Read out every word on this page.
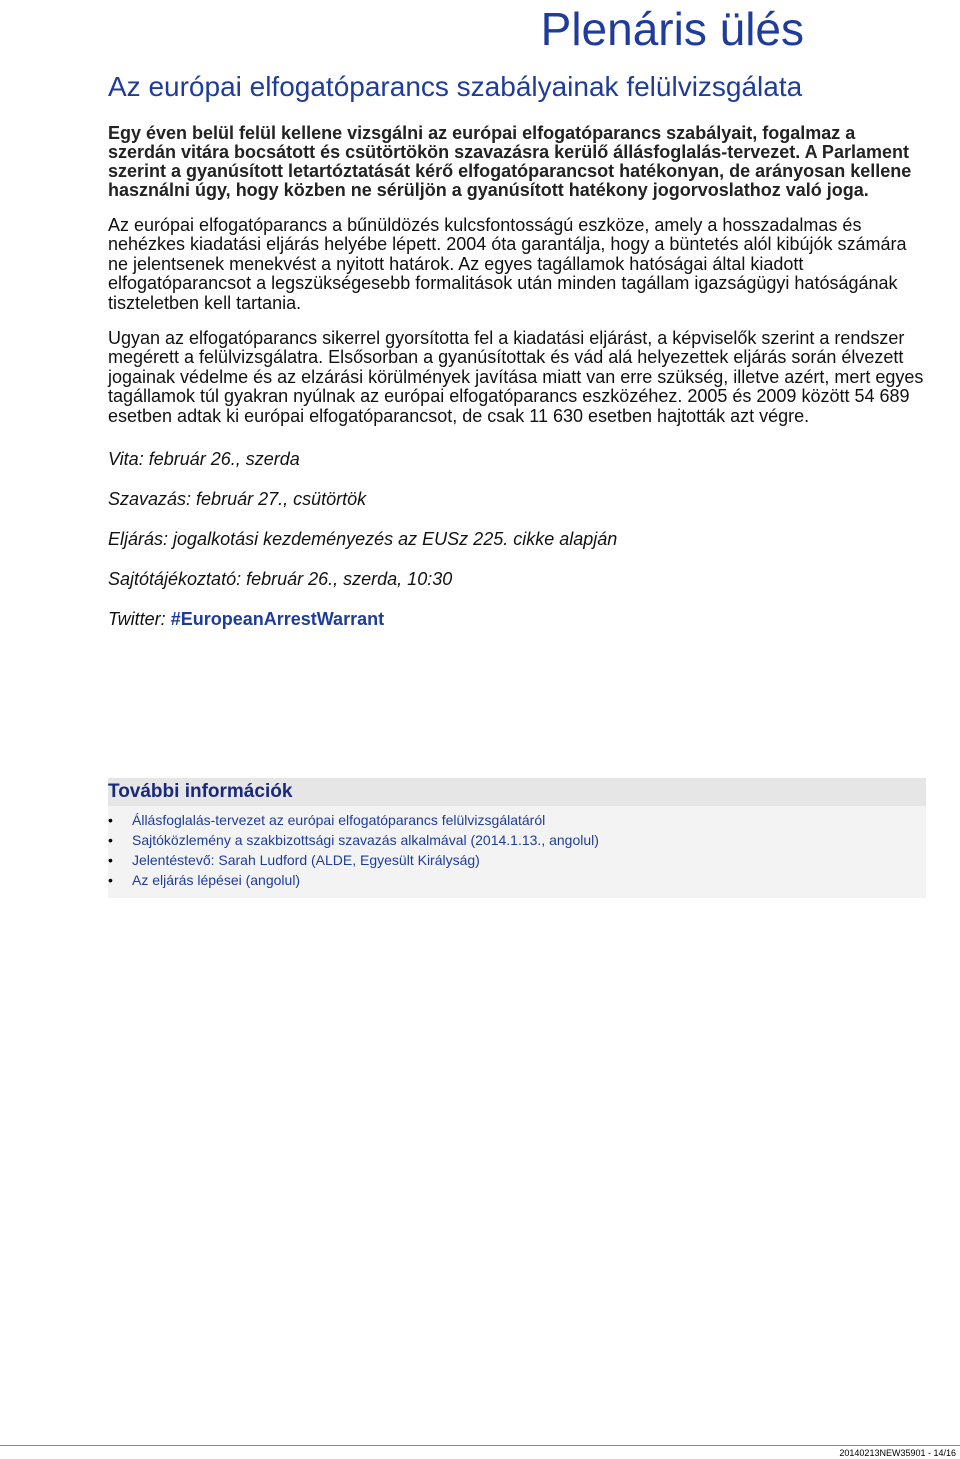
Plenáris ülés
Az európai elfogatóparancs szabályainak felülvizsgálata

Egy éven belül felül kellene vizsgálni az európai elfogatóparancs szabályait, fogalmaz a szerdán vitára bocsátott és csütörtökön szavazásra kerülő állásfoglalás-tervezet. A Parlament szerint a gyanúsított letartóztatását kérő elfogatóparancsot hatékonyan, de arányosan kellene használni úgy, hogy közben ne sérüljön a gyanúsított hatékony jogorvoslathoz való joga.

Az európai elfogatóparancs a bűnüldözés kulcsfontosságú eszköze, amely a hosszadalmas és nehézkes kiadatási eljárás helyébe lépett. 2004 óta garantálja, hogy a büntetés alól kibújók számára ne jelentsenek menekvést a nyitott határok. Az egyes tagállamok hatóságai által kiadott elfogatóparancsot a legszükségesebb formalitások után minden tagállam igazságügyi hatóságának tiszteletben kell tartania.

Ugyan az elfogatóparancs sikerrel gyorsította fel a kiadatási eljárást, a képviselők szerint a rendszer megérett a felülvizsgálatra. Elsősorban a gyanúsítottak és vád alá helyezettek eljárás során élvezett jogainak védelme és az elzárási körülmények javítása miatt van erre szükség, illetve azért, mert egyes tagállamok túl gyakran nyúlnak az európai elfogatóparancs eszközéhez. 2005 és 2009 között 54 689 esetben adtak ki európai elfogatóparancsot, de csak 11 630 esetben hajtották azt végre.

Vita: február 26., szerda
Szavazás: február 27., csütörtök
Eljárás: jogalkotási kezdeményezés az EUSz 225. cikke alapján
Sajtótájékoztató: február 26., szerda, 10:30
Twitter: #EuropeanArrestWarrant
További információk
•	Állásfoglalás-tervezet az európai elfogatóparancs felülvizsgálatáról
•	Sajtóközlemény a szakbizottsági szavazás alkalmával (2014.1.13., angolul)
•	Jelentéstevő: Sarah Ludford (ALDE, Egyesült Királyság)
•	Az eljárás lépései (angolul)
20140213NEW35901 - 14/16
